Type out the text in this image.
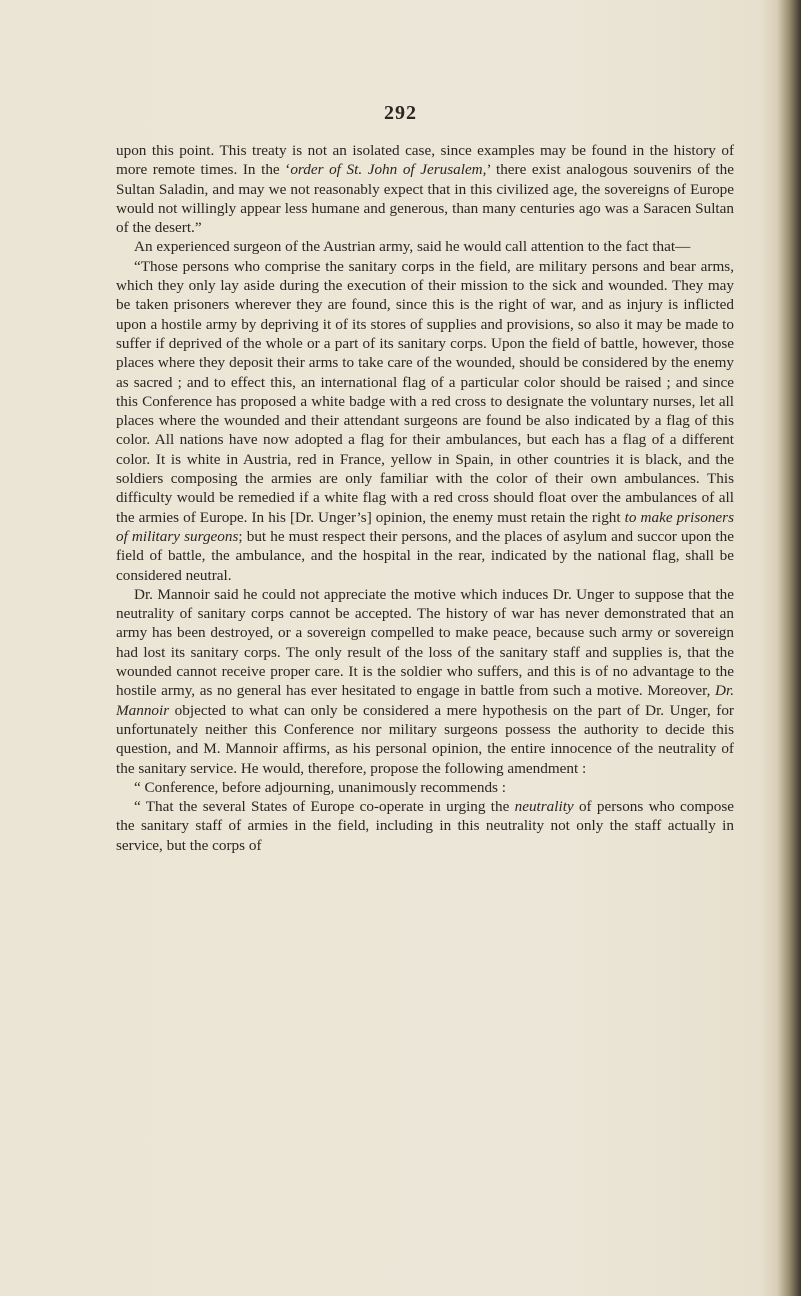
292

upon this point. This treaty is not an isolated case, since examples may be found in the history of more remote times. In the ‘order of St. John of Jerusalem,’ there exist analogous souvenirs of the Sultan Saladin, and may we not reasonably expect that in this civilized age, the sovereigns of Europe would not willingly appear less humane and generous, than many centuries ago was a Saracen Sultan of the desert.”

An experienced surgeon of the Austrian army, said he would call attention to the fact that—

“Those persons who comprise the sanitary corps in the field, are military persons and bear arms, which they only lay aside during the execution of their mission to the sick and wounded. They may be taken prisoners wherever they are found, since this is the right of war, and as injury is inflicted upon a hostile army by depriving it of its stores of supplies and provisions, so also it may be made to suffer if deprived of the whole or a part of its sanitary corps. Upon the field of battle, however, those places where they deposit their arms to take care of the wounded, should be considered by the enemy as sacred ; and to effect this, an international flag of a particular color should be raised ; and since this Conference has proposed a white badge with a red cross to designate the voluntary nurses, let all places where the wounded and their attendant surgeons are found be also indicated by a flag of this color. All nations have now adopted a flag for their ambulances, but each has a flag of a different color. It is white in Austria, red in France, yellow in Spain, in other countries it is black, and the soldiers composing the armies are only familiar with the color of their own ambulances. This difficulty would be remedied if a white flag with a red cross should float over the ambulances of all the armies of Europe. In his [Dr. Unger’s] opinion, the enemy must retain the right to make prisoners of military surgeons; but he must respect their persons, and the places of asylum and succor upon the field of battle, the ambulance, and the hospital in the rear, indicated by the national flag, shall be considered neutral.

Dr. Mannoir said he could not appreciate the motive which induces Dr. Unger to suppose that the neutrality of sanitary corps cannot be accepted. The history of war has never demonstrated that an army has been destroyed, or a sovereign compelled to make peace, because such army or sovereign had lost its sanitary corps. The only result of the loss of the sanitary staff and supplies is, that the wounded cannot receive proper care. It is the soldier who suffers, and this is of no advantage to the hostile army, as no general has ever hesitated to engage in battle from such a motive. Moreover, Dr. Mannoir objected to what can only be considered a mere hypothesis on the part of Dr. Unger, for unfortunately neither this Conference nor military surgeons possess the authority to decide this question, and M. Mannoir affirms, as his personal opinion, the entire innocence of the neutrality of the sanitary service. He would, therefore, propose the following amendment :

“ Conference, before adjourning, unanimously recommends :

“ That the several States of Europe co-operate in urging the neutrality of persons who compose the sanitary staff of armies in the field, including in this neutrality not only the staff actually in service, but the corps of
